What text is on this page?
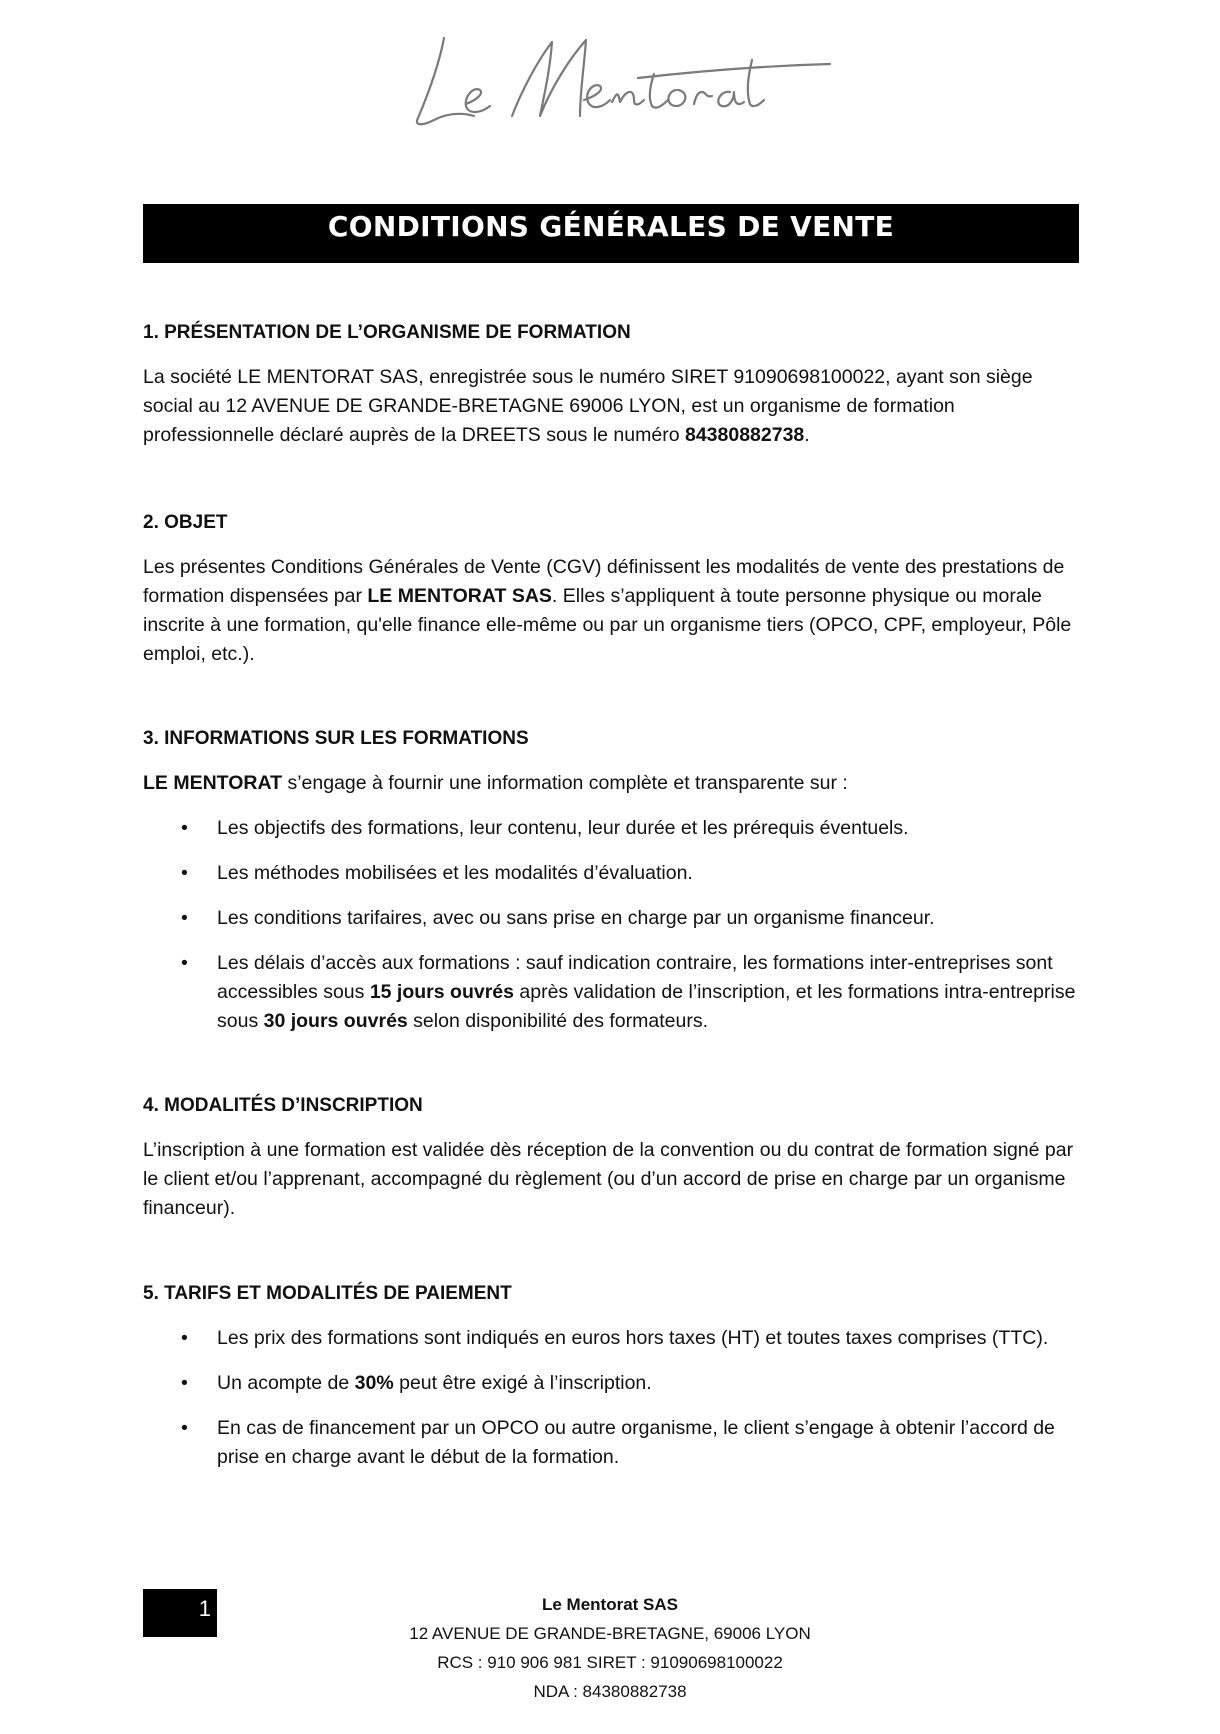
CONDITIONS GÉNÉRALES DE VENTE
1. PRÉSENTATION DE L’ORGANISME DE FORMATION

La société LE MENTORAT SAS, enregistrée sous le numéro SIRET 91090698100022, ayant son siège social au 12 AVENUE DE GRANDE-BRETAGNE 69006 LYON, est un organisme de formation professionnelle déclaré auprès de la DREETS sous le numéro 84380882738.

2. OBJET

Les présentes Conditions Générales de Vente (CGV) définissent les modalités de vente des prestations de formation dispensées par LE MENTORAT SAS. Elles s’appliquent à toute personne physique ou morale inscrite à une formation, qu'elle finance elle-même ou par un organisme tiers (OPCO, CPF, employeur, Pôle emploi, etc.).

3. INFORMATIONS SUR LES FORMATIONS

LE MENTORAT s’engage à fournir une information complète et transparente sur :

• Les objectifs des formations, leur contenu, leur durée et les prérequis éventuels.
• Les méthodes mobilisées et les modalités d’évaluation.
• Les conditions tarifaires, avec ou sans prise en charge par un organisme financeur.
• Les délais d’accès aux formations : sauf indication contraire, les formations inter-entreprises sont accessibles sous 15 jours ouvrés après validation de l’inscription, et les formations intra-entreprise sous 30 jours ouvrés selon disponibilité des formateurs.
4. MODALITÉS D’INSCRIPTION

L’inscription à une formation est validée dès réception de la convention ou du contrat de formation signé par le client et/ou l’apprenant, accompagné du règlement (ou d’un accord de prise en charge par un organisme financeur).

5. TARIFS ET MODALITÉS DE PAIEMENT
• Les prix des formations sont indiqués en euros hors taxes (HT) et toutes taxes comprises (TTC).
• Un acompte de 30% peut être exigé à l’inscription.
• En cas de financement par un OPCO ou autre organisme, le client s’engage à obtenir l’accord de prise en charge avant le début de la formation.
1	Le Mentorat SAS
12 AVENUE DE GRANDE-BRETAGNE, 69006 LYON
RCS : 910 906 981 SIRET : 91090698100022
NDA : 84380882738
